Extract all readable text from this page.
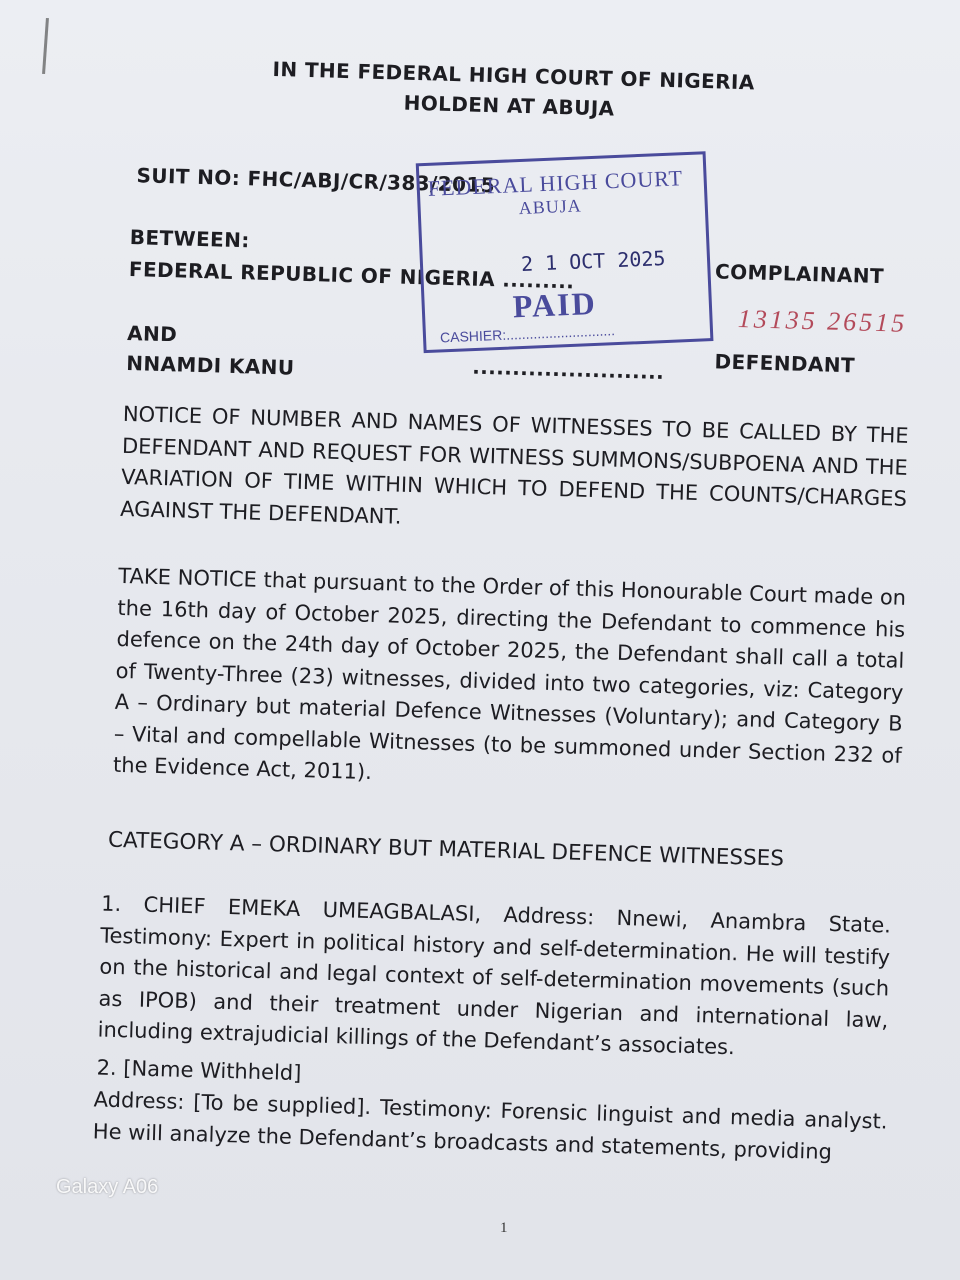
IN THE FEDERAL HIGH COURT OF NIGERIA
HOLDEN AT ABUJA
SUIT NO: FHC/ABJ/CR/383/2015
BETWEEN:
FEDERAL REPUBLIC OF NIGERIA .........	COMPLAINANT
AND
NNAMDI KANU	........................ DEFENDANT
FEDERAL HIGH COURT
ABUJA
2 1 OCT 2025
PAID
CASHIER:............................	13135 26515
NOTICE OF NUMBER AND NAMES OF WITNESSES TO BE CALLED BY THE DEFENDANT AND REQUEST FOR WITNESS SUMMONS/SUBPOENA AND THE VARIATION OF TIME WITHIN WHICH TO DEFEND THE COUNTS/CHARGES AGAINST THE DEFENDANT.
TAKE NOTICE that pursuant to the Order of this Honourable Court made on the 16th day of October 2025, directing the Defendant to commence his defence on the 24th day of October 2025, the Defendant shall call a total of Twenty-Three (23) witnesses, divided into two categories, viz: Category A – Ordinary but material Defence Witnesses (Voluntary); and Category B – Vital and compellable Witnesses (to be summoned under Section 232 of the Evidence Act, 2011).
CATEGORY A – ORDINARY BUT MATERIAL DEFENCE WITNESSES
1. CHIEF EMEKA UMEAGBALASI, Address: Nnewi, Anambra State. Testimony: Expert in political history and self-determination. He will testify on the historical and legal context of self-determination movements (such as IPOB) and their treatment under Nigerian and international law, including extrajudicial killings of the Defendant’s associates.
2. [Name Withheld]
Address: [To be supplied]. Testimony: Forensic linguist and media analyst. He will analyze the Defendant’s broadcasts and statements, providing
1
Galaxy A06
